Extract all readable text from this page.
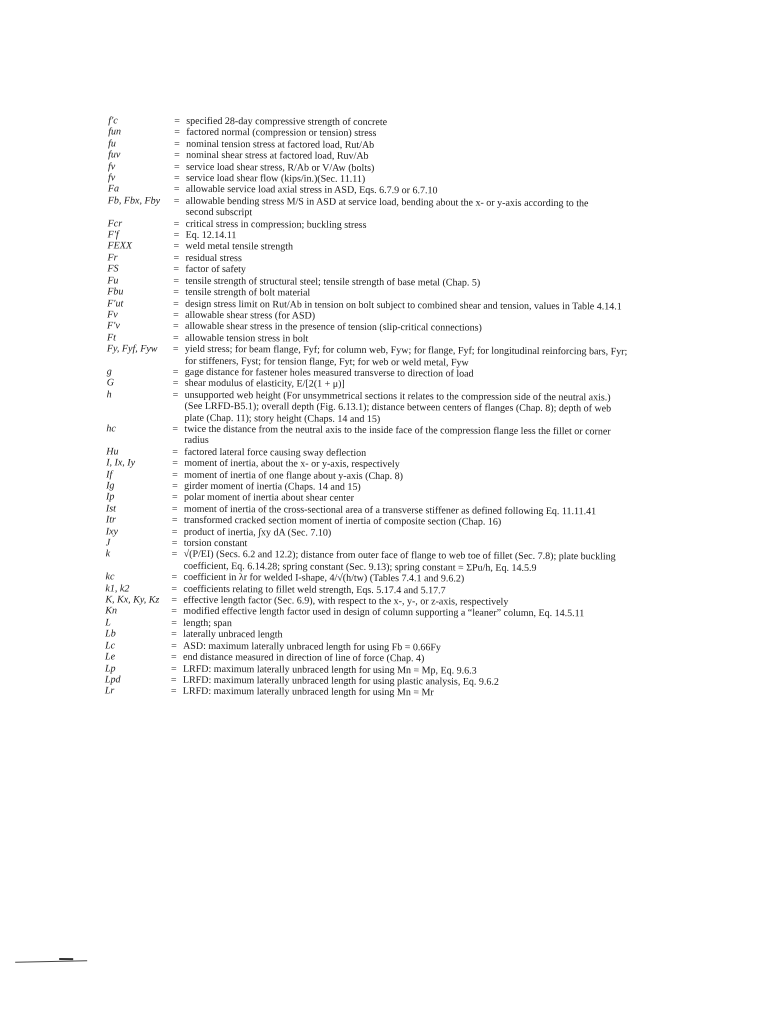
f′c	= specified 28-day compressive strength of concrete
fun	= factored normal (compression or tension) stress
fu	= nominal tension stress at factored load, Rut/Ab
fuv	= nominal shear stress at factored load, Ruv/Ab
fv	= service load shear stress, R/Ab or V/Aw (bolts)
fv	= service load shear flow (kips/in.)(Sec. 11.11)
Fa	= allowable service load axial stress in ASD, Eqs. 6.7.9 or 6.7.10
Fb, Fbx, Fby	= allowable bending stress M/S in ASD at service load, bending about the x- or y-axis according to the
second subscript
Fcr	= critical stress in compression; buckling stress
F′f	= Eq. 12.14.11
FEXX	= weld metal tensile strength
Fr	= residual stress
FS	= factor of safety
Fu	= tensile strength of structural steel; tensile strength of base metal (Chap. 5)
Fbu	= tensile strength of bolt material
F′ut	= design stress limit on Rut/Ab in tension on bolt subject to combined shear and tension, values in Table 4.14.1
Fv	= allowable shear stress (for ASD)
F′v	= allowable shear stress in the presence of tension (slip-critical connections)
Ft	= allowable tension stress in bolt
Fy, Fyf, Fyw	= yield stress; for beam flange, Fyf; for column web, Fyw; for flange, Fyf; for longitudinal reinforcing bars, Fyr;
for stiffeners, Fyst; for tension flange, Fyt; for web or weld metal, Fyw
g	= gage distance for fastener holes measured transverse to direction of load
G	= shear modulus of elasticity, E/[2(1 + μ)]
h	= unsupported web height (For unsymmetrical sections it relates to the compression side of the neutral axis.)
(See LRFD-B5.1); overall depth (Fig. 6.13.1); distance between centers of flanges (Chap. 8); depth of web
plate (Chap. 11); story height (Chaps. 14 and 15)
hc	= twice the distance from the neutral axis to the inside face of the compression flange less the fillet or corner
radius
Hu	= factored lateral force causing sway deflection
I, Ix, Iy	= moment of inertia, about the x- or y-axis, respectively
If	= moment of inertia of one flange about y-axis (Chap. 8)
Ig	= girder moment of inertia (Chaps. 14 and 15)
Ip	= polar moment of inertia about shear center
Ist	= moment of inertia of the cross-sectional area of a transverse stiffener as defined following Eq. 11.11.41
Itr	= transformed cracked section moment of inertia of composite section (Chap. 16)
Ixy	= product of inertia, ∫xy dA (Sec. 7.10)
J	= torsion constant
k	= √(P/EI) (Secs. 6.2 and 12.2); distance from outer face of flange to web toe of fillet (Sec. 7.8); plate buckling
coefficient, Eq. 6.14.28; spring constant (Sec. 9.13); spring constant = ΣPu/h, Eq. 14.5.9
kc	= coefficient in λr for welded I-shape, 4/√(h/tw) (Tables 7.4.1 and 9.6.2)
k1, k2	= coefficients relating to fillet weld strength, Eqs. 5.17.4 and 5.17.7
K, Kx, Ky, Kz	= effective length factor (Sec. 6.9), with respect to the x-, y-, or z-axis, respectively
Kn	= modified effective length factor used in design of column supporting a “leaner” column, Eq. 14.5.11
L	= length; span
Lb	= laterally unbraced length
Lc	= ASD: maximum laterally unbraced length for using Fb = 0.66Fy
Le	= end distance measured in direction of line of force (Chap. 4)
Lp	= LRFD: maximum laterally unbraced length for using Mn = Mp, Eq. 9.6.3
Lpd	= LRFD: maximum laterally unbraced length for using plastic analysis, Eq. 9.6.2
Lr	= LRFD: maximum laterally unbraced length for using Mn = Mr
